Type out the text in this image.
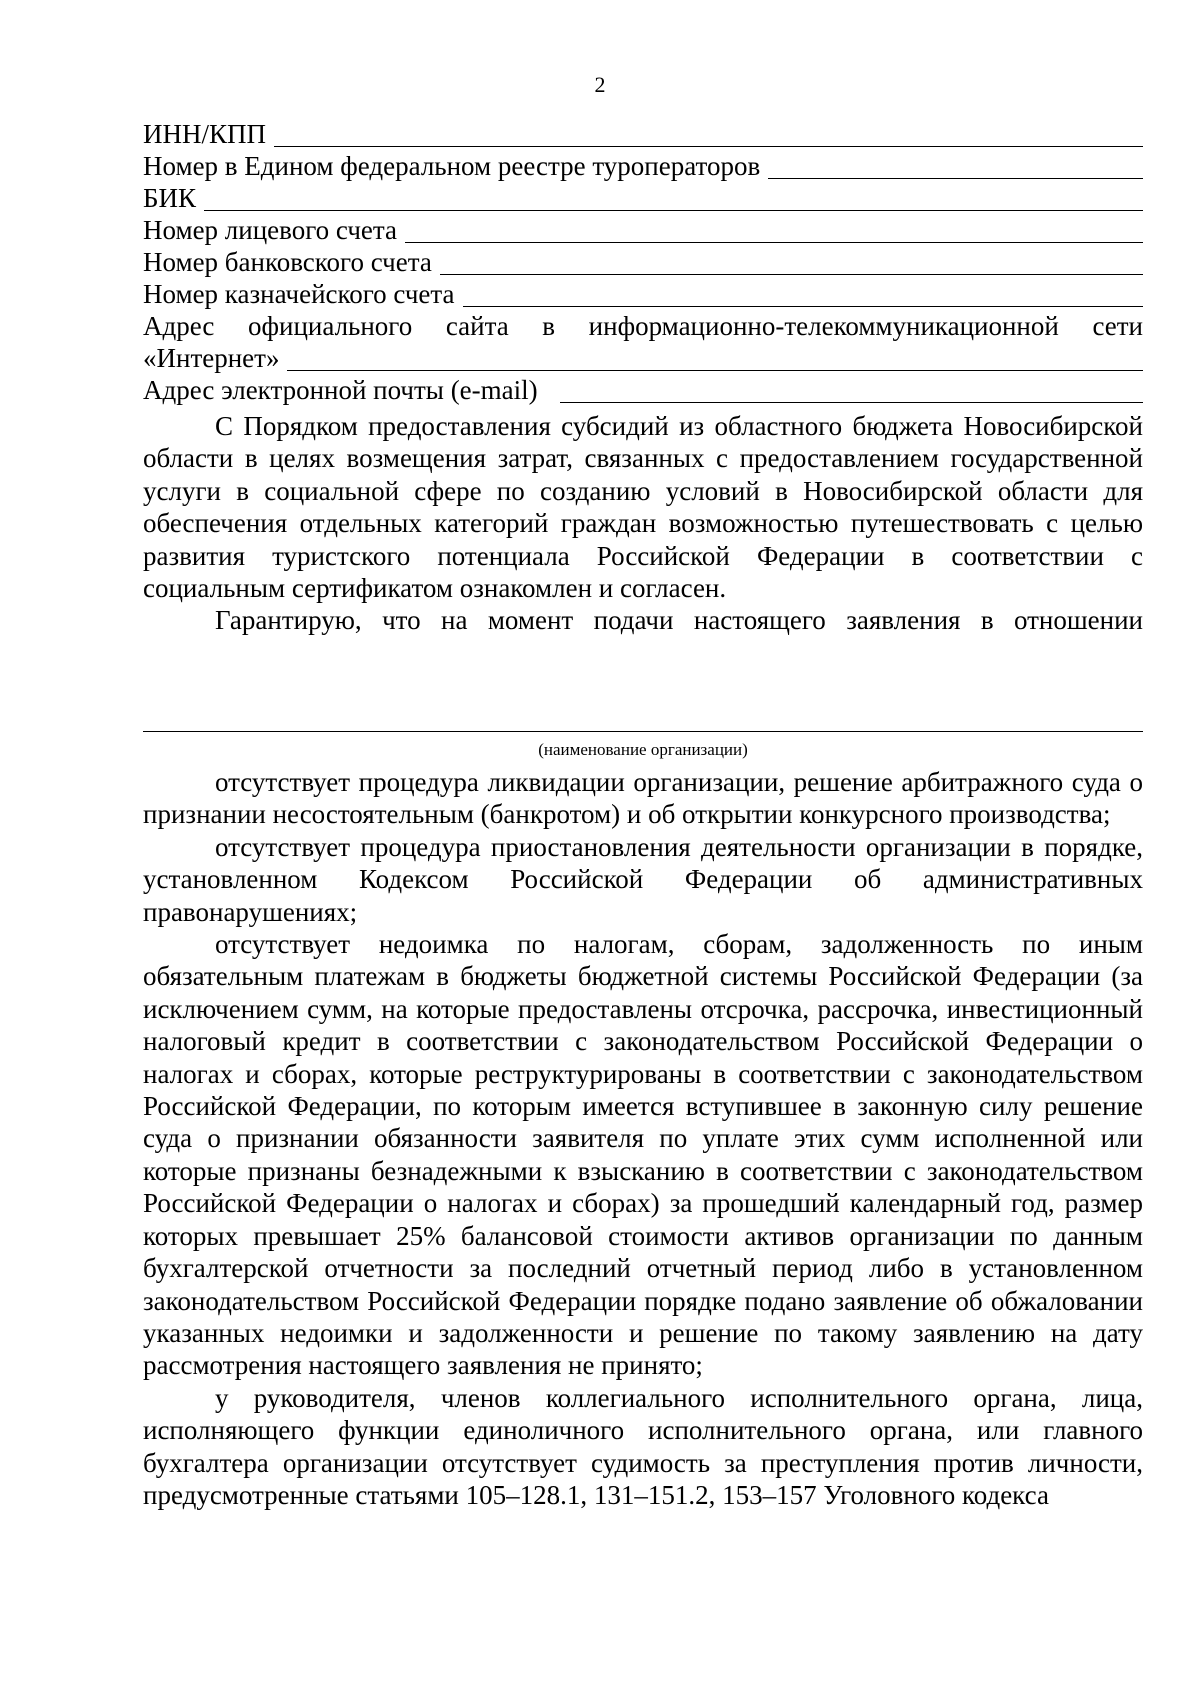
2
ИНН/КПП
Номер в Едином федеральном реестре туроператоров
БИК
Номер лицевого счета
Номер банковского счета
Номер казначейского счета
Адрес официального сайта в информационно-телекоммуникационной сети
«Интернет»
Адрес электронной почты (e-mail)

С Порядком предоставления субсидий из областного бюджета Новосибирской области в целях возмещения затрат, связанных с предоставлением государственной услуги в социальной сфере по созданию условий в Новосибирской области для обеспечения отдельных категорий граждан возможностью путешествовать с целью развития туристского потенциала Российской Федерации в соответствии с социальным сертификатом ознакомлен и согласен.

Гарантирую, что на момент подачи настоящего заявления в отношении

(наименование организации)

отсутствует процедура ликвидации организации, решение арбитражного суда о признании несостоятельным (банкротом) и об открытии конкурсного производства;

отсутствует процедура приостановления деятельности организации в порядке, установленном Кодексом Российской Федерации об административных правонарушениях;

отсутствует недоимка по налогам, сборам, задолженность по иным обязательным платежам в бюджеты бюджетной системы Российской Федерации (за исключением сумм, на которые предоставлены отсрочка, рассрочка, инвестиционный налоговый кредит в соответствии с законодательством Российской Федерации о налогах и сборах, которые реструктурированы в соответствии с законодательством Российской Федерации, по которым имеется вступившее в законную силу решение суда о признании обязанности заявителя по уплате этих сумм исполненной или которые признаны безнадежными к взысканию в соответствии с законодательством Российской Федерации о налогах и сборах) за прошедший календарный год, размер которых превышает 25% балансовой стоимости активов организации по данным бухгалтерской отчетности за последний отчетный период либо в установленном законодательством Российской Федерации порядке подано заявление об обжаловании указанных недоимки и задолженности и решение по такому заявлению на дату рассмотрения настоящего заявления не принято;

у руководителя, членов коллегиального исполнительного органа, лица, исполняющего функции единоличного исполнительного органа, или главного бухгалтера организации отсутствует судимость за преступления против личности, предусмотренные статьями 105–128.1, 131–151.2, 153–157 Уголовного кодекса
